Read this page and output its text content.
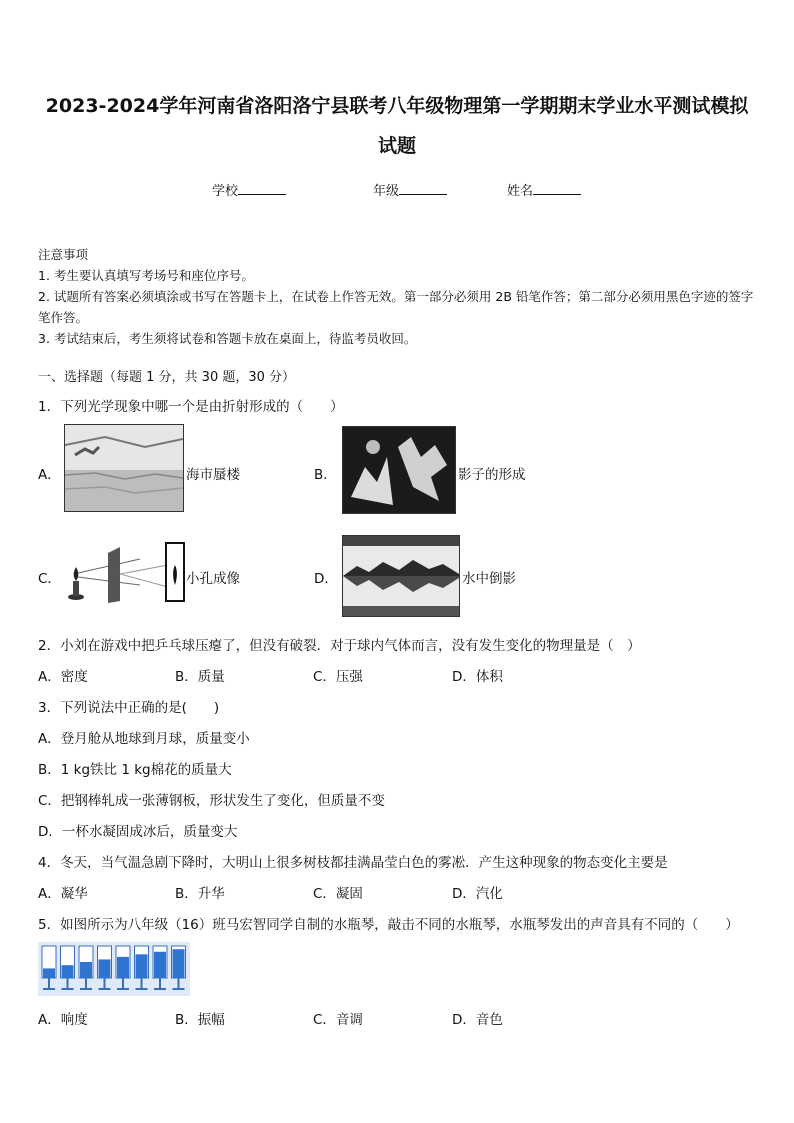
2023-2024学年河南省洛阳洛宁县联考八年级物理第一学期期末学业水平测试模拟试题
学校	年级	姓名

注意事项

1. 考生要认真填写考场号和座位序号。

2. 试题所有答案必须填涂或书写在答题卡上，在试卷上作答无效。第一部分必须用 2B 铅笔作答；第二部分必须用黑色字迹的签字笔作答。

3. 考试结束后，考生须将试卷和答题卡放在桌面上，待监考员收回。

一、选择题（每题 1 分，共 30 题，30 分）
1．下列光学现象中哪一个是由折射形成的（　　）
A．	海市蜃楼	B．	影子的形成
C．	小孔成像	D．	水中倒影
2．小刘在游戏中把乒乓球压瘪了，但没有破裂．对于球内气体而言，没有发生变化的物理量是（　）
A．密度	B．质量	C．压强	D．体积
3．下列说法中正确的是(　　)
A．登月舱从地球到月球，质量变小
B．1 kg铁比 1 kg棉花的质量大
C．把钢棒轧成一张薄钢板，形状发生了变化，但质量不变
D．一杯水凝固成冰后，质量变大
4．冬天，当气温急剧下降时，大明山上很多树枝都挂满晶莹白色的雾凇．产生这种现象的物态变化主要是
A．凝华	B．升华	C．凝固	D．汽化
5．如图所示为八年级（16）班马宏智同学自制的水瓶琴，敲击不同的水瓶琴，水瓶琴发出的声音具有不同的（　　）
A．响度	B．振幅	C．音调	D．音色
